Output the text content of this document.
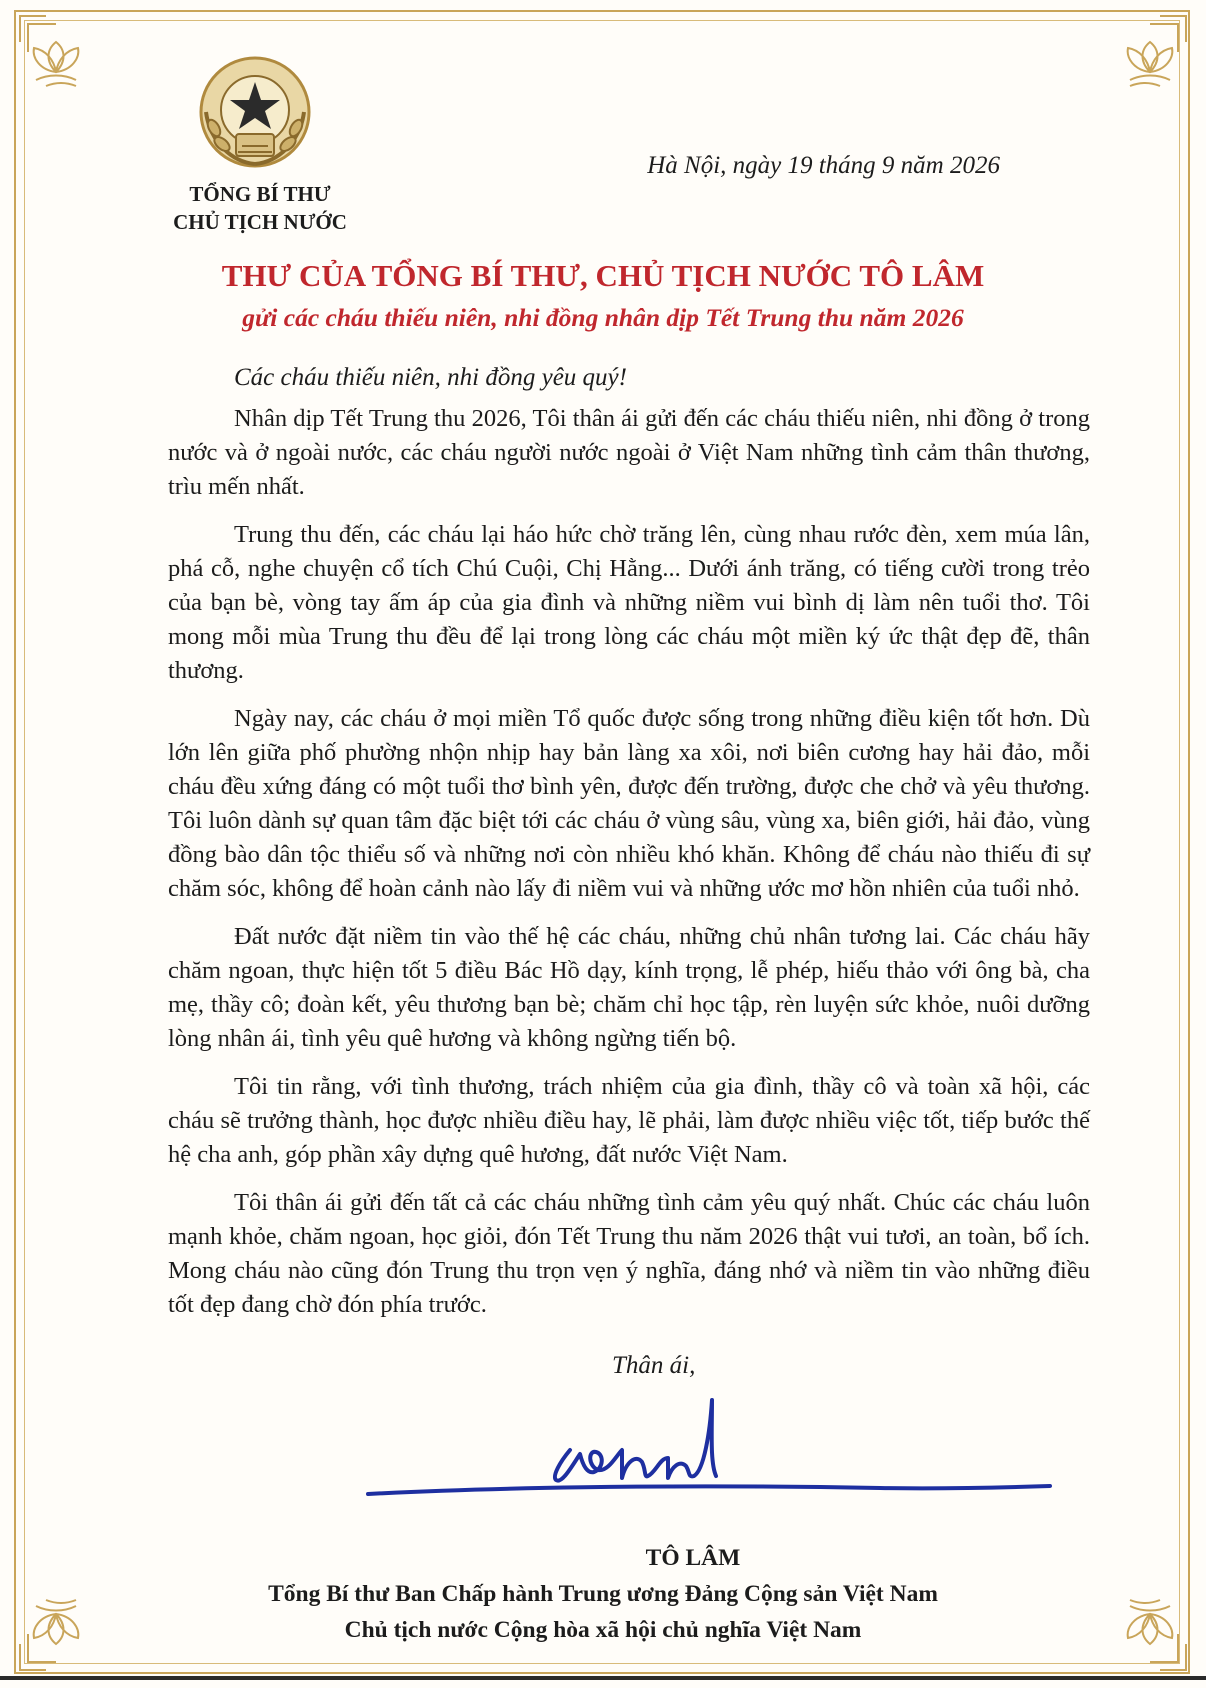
TỔNG BÍ THƯ
CHỦ TỊCH NƯỚC
Hà Nội, ngày 19 tháng 9 năm 2026
THƯ CỦA TỔNG BÍ THƯ, CHỦ TỊCH NƯỚC TÔ LÂM
gửi các cháu thiếu niên, nhi đồng nhân dịp Tết Trung thu năm 2026
Các cháu thiếu niên, nhi đồng yêu quý!

Nhân dịp Tết Trung thu 2026, Tôi thân ái gửi đến các cháu thiếu niên, nhi đồng ở trong nước và ở ngoài nước, các cháu người nước ngoài ở Việt Nam những tình cảm thân thương, trìu mến nhất.

Trung thu đến, các cháu lại háo hức chờ trăng lên, cùng nhau rước đèn, xem múa lân, phá cỗ, nghe chuyện cổ tích Chú Cuội, Chị Hằng... Dưới ánh trăng, có tiếng cười trong trẻo của bạn bè, vòng tay ấm áp của gia đình và những niềm vui bình dị làm nên tuổi thơ. Tôi mong mỗi mùa Trung thu đều để lại trong lòng các cháu một miền ký ức thật đẹp đẽ, thân thương.

Ngày nay, các cháu ở mọi miền Tổ quốc được sống trong những điều kiện tốt hơn. Dù lớn lên giữa phố phường nhộn nhịp hay bản làng xa xôi, nơi biên cương hay hải đảo, mỗi cháu đều xứng đáng có một tuổi thơ bình yên, được đến trường, được che chở và yêu thương. Tôi luôn dành sự quan tâm đặc biệt tới các cháu ở vùng sâu, vùng xa, biên giới, hải đảo, vùng đồng bào dân tộc thiểu số và những nơi còn nhiều khó khăn. Không để cháu nào thiếu đi sự chăm sóc, không để hoàn cảnh nào lấy đi niềm vui và những ước mơ hồn nhiên của tuổi nhỏ.

Đất nước đặt niềm tin vào thế hệ các cháu, những chủ nhân tương lai. Các cháu hãy chăm ngoan, thực hiện tốt 5 điều Bác Hồ dạy, kính trọng, lễ phép, hiếu thảo với ông bà, cha mẹ, thầy cô; đoàn kết, yêu thương bạn bè; chăm chỉ học tập, rèn luyện sức khỏe, nuôi dưỡng lòng nhân ái, tình yêu quê hương và không ngừng tiến bộ.

Tôi tin rằng, với tình thương, trách nhiệm của gia đình, thầy cô và toàn xã hội, các cháu sẽ trưởng thành, học được nhiều điều hay, lẽ phải, làm được nhiều việc tốt, tiếp bước thế hệ cha anh, góp phần xây dựng quê hương, đất nước Việt Nam.

Tôi thân ái gửi đến tất cả các cháu những tình cảm yêu quý nhất. Chúc các cháu luôn mạnh khỏe, chăm ngoan, học giỏi, đón Tết Trung thu năm 2026 thật vui tươi, an toàn, bổ ích. Mong cháu nào cũng đón Trung thu trọn vẹn ý nghĩa, đáng nhớ và niềm tin vào những điều tốt đẹp đang chờ đón phía trước.

Thân ái,
TÔ LÂM
Tổng Bí thư Ban Chấp hành Trung ương Đảng Cộng sản Việt Nam
Chủ tịch nước Cộng hòa xã hội chủ nghĩa Việt Nam
